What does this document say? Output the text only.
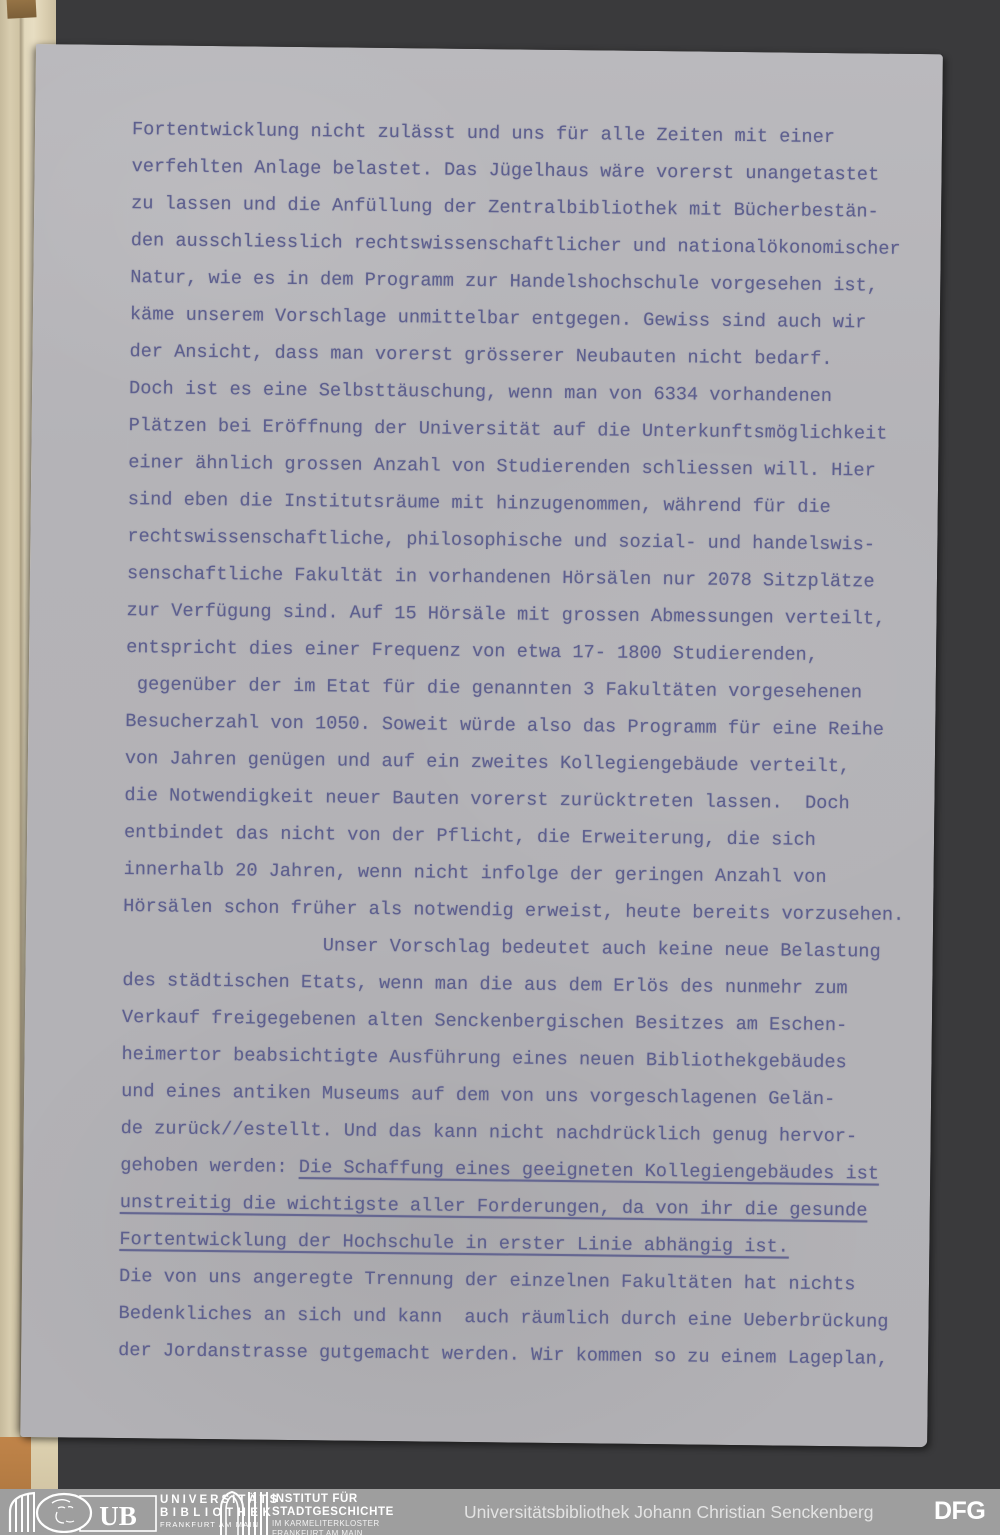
Fortentwicklung nicht zulässt und uns für alle Zeiten mit einer
verfehlten Anlage belastet. Das Jügelhaus wäre vorerst unangetastet
zu lassen und die Anfüllung der Zentralbibliothek mit Bücherbestän-
den ausschliesslich rechtswissenschaftlicher und nationalökonomischer
Natur, wie es in dem Programm zur Handelshochschule vorgesehen ist,
käme unserem Vorschlage unmittelbar entgegen. Gewiss sind auch wir
der Ansicht, dass man vorerst grösserer Neubauten nicht bedarf.
Doch ist es eine Selbsttäuschung, wenn man von 6334 vorhandenen
Plätzen bei Eröffnung der Universität auf die Unterkunftsmöglichkeit
einer ähnlich grossen Anzahl von Studierenden schliessen will. Hier
sind eben die Institutsräume mit hinzugenommen, während für die
rechtswissenschaftliche, philosophische und sozial- und handelswis-
senschaftliche Fakultät in vorhandenen Hörsälen nur 2078 Sitzplätze
zur Verfügung sind. Auf 15 Hörsäle mit grossen Abmessungen verteilt,
entspricht dies einer Frequenz von etwa 17- 1800 Studierenden,
gegenüber der im Etat für die genannten 3 Fakultäten vorgesehenen
Besucherzahl von 1050. Soweit würde also das Programm für eine Reihe
von Jahren genügen und auf ein zweites Kollegiengebäude verteilt,
die Notwendigkeit neuer Bauten vorerst zurücktreten lassen.  Doch
entbindet das nicht von der Pflicht, die Erweiterung, die sich
innerhalb 20 Jahren, wenn nicht infolge der geringen Anzahl von
Hörsälen schon früher als notwendig erweist, heute bereits vorzusehen.
Unser Vorschlag bedeutet auch keine neue Belastung
des städtischen Etats, wenn man die aus dem Erlös des nunmehr zum
Verkauf freigegebenen alten Senckenbergischen Besitzes am Eschen-
heimertor beabsichtigte Ausführung eines neuen Bibliothekgebäudes
und eines antiken Museums auf dem von uns vorgeschlagenen Gelän-
de zurück//estellt. Und das kann nicht nachdrücklich genug hervor-
gehoben werden: Die Schaffung eines geeigneten Kollegiengebäudes ist
unstreitig die wichtigste aller Forderungen, da von ihr die gesunde
Fortentwicklung der Hochschule in erster Linie abhängig ist.
Die von uns angeregte Trennung der einzelnen Fakultäten hat nichts
Bedenkliches an sich und kann  auch räumlich durch eine Ueberbrückung
der Jordanstrasse gutgemacht werden. Wir kommen so zu einem Lageplan,
UB
UNIVERSITÄTS
BIBLIOTHEK
FRANKFURT AM MAIN
INSTITUT FÜR
STADTGESCHICHTE
IM KARMELITERKLOSTER
FRANKFURT AM MAIN
Universitätsbibliothek Johann Christian Senckenberg DFG
